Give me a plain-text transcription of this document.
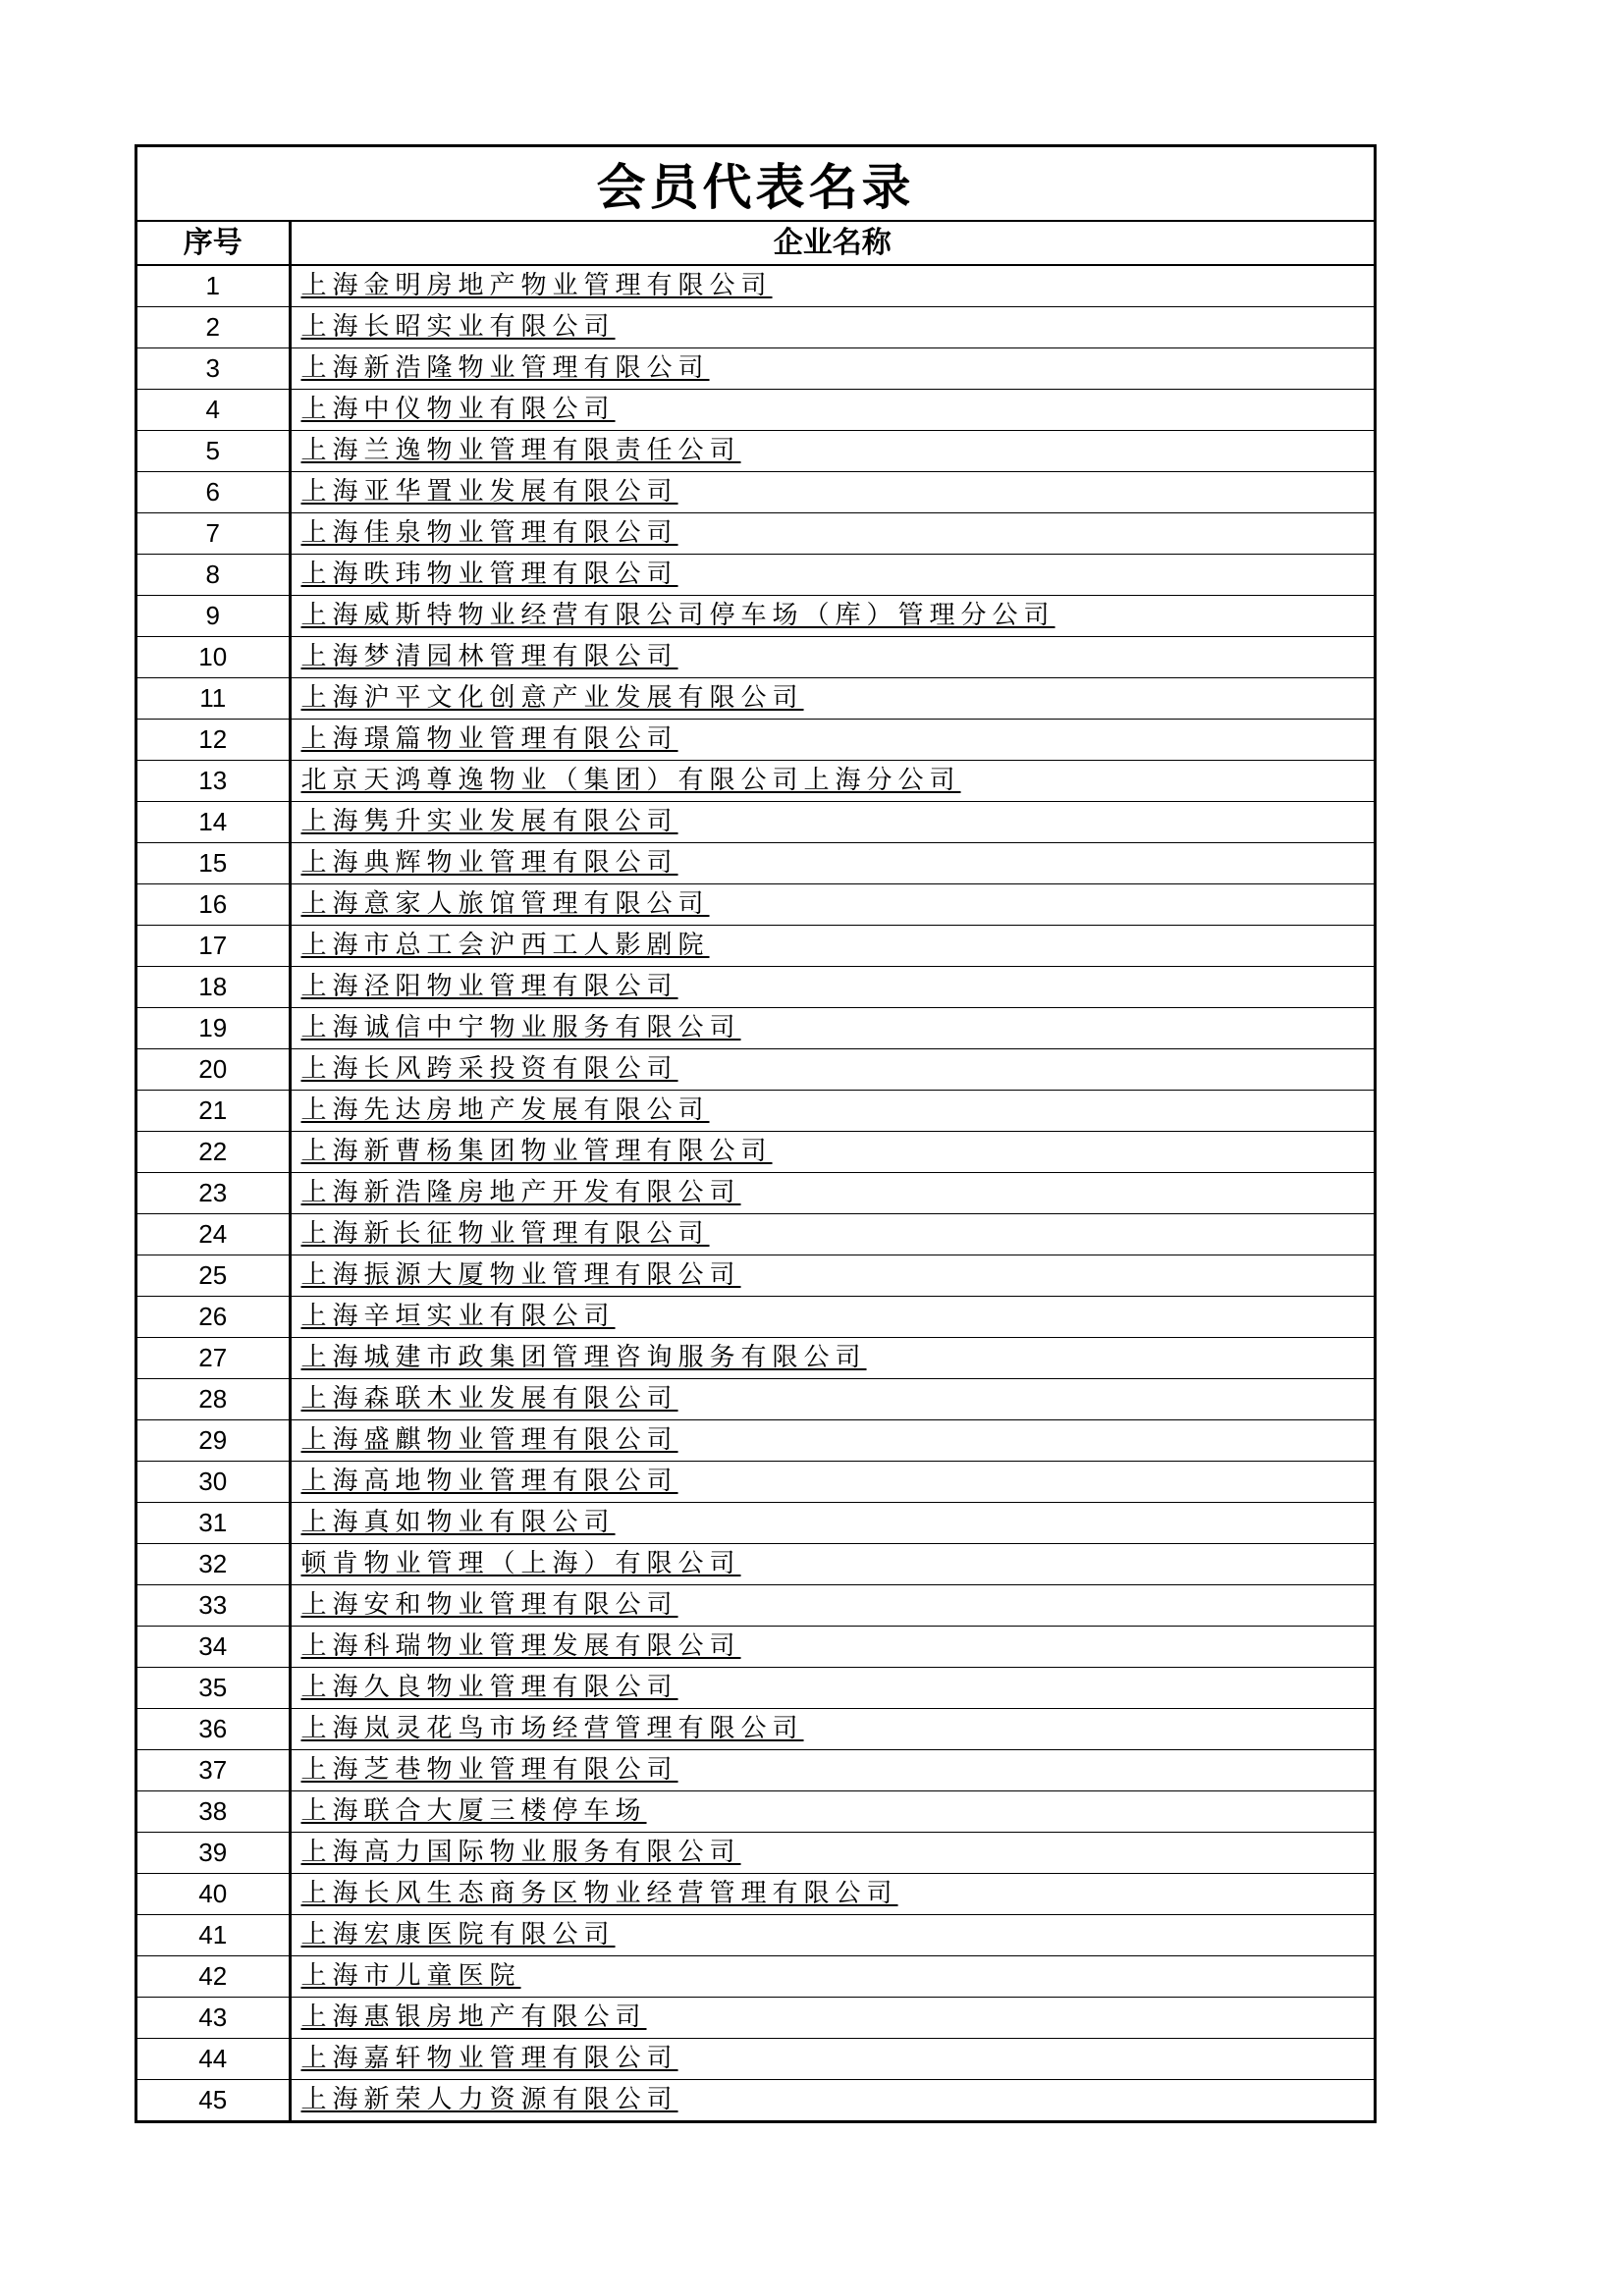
会员代表名录
序号	企业名称
1	上海金明房地产物业管理有限公司
2	上海长昭实业有限公司
3	上海新浩隆物业管理有限公司
4	上海中仪物业有限公司
5	上海兰逸物业管理有限责任公司
6	上海亚华置业发展有限公司
7	上海佳泉物业管理有限公司
8	上海昳玮物业管理有限公司
9	上海威斯特物业经营有限公司停车场（库）管理分公司
10	上海梦清园林管理有限公司
11	上海沪平文化创意产业发展有限公司
12	上海璟篇物业管理有限公司
13	北京天鸿尊逸物业（集团）有限公司上海分公司
14	上海隽升实业发展有限公司
15	上海典辉物业管理有限公司
16	上海意家人旅馆管理有限公司
17	上海市总工会沪西工人影剧院
18	上海泾阳物业管理有限公司
19	上海诚信中宁物业服务有限公司
20	上海长风跨采投资有限公司
21	上海先达房地产发展有限公司
22	上海新曹杨集团物业管理有限公司
23	上海新浩隆房地产开发有限公司
24	上海新长征物业管理有限公司
25	上海振源大厦物业管理有限公司
26	上海辛垣实业有限公司
27	上海城建市政集团管理咨询服务有限公司
28	上海森联木业发展有限公司
29	上海盛麒物业管理有限公司
30	上海高地物业管理有限公司
31	上海真如物业有限公司
32	顿肯物业管理（上海）有限公司
33	上海安和物业管理有限公司
34	上海科瑞物业管理发展有限公司
35	上海久良物业管理有限公司
36	上海岚灵花鸟市场经营管理有限公司
37	上海芝巷物业管理有限公司
38	上海联合大厦三楼停车场
39	上海高力国际物业服务有限公司
40	上海长风生态商务区物业经营管理有限公司
41	上海宏康医院有限公司
42	上海市儿童医院
43	上海惠银房地产有限公司
44	上海嘉轩物业管理有限公司
45	上海新荣人力资源有限公司
